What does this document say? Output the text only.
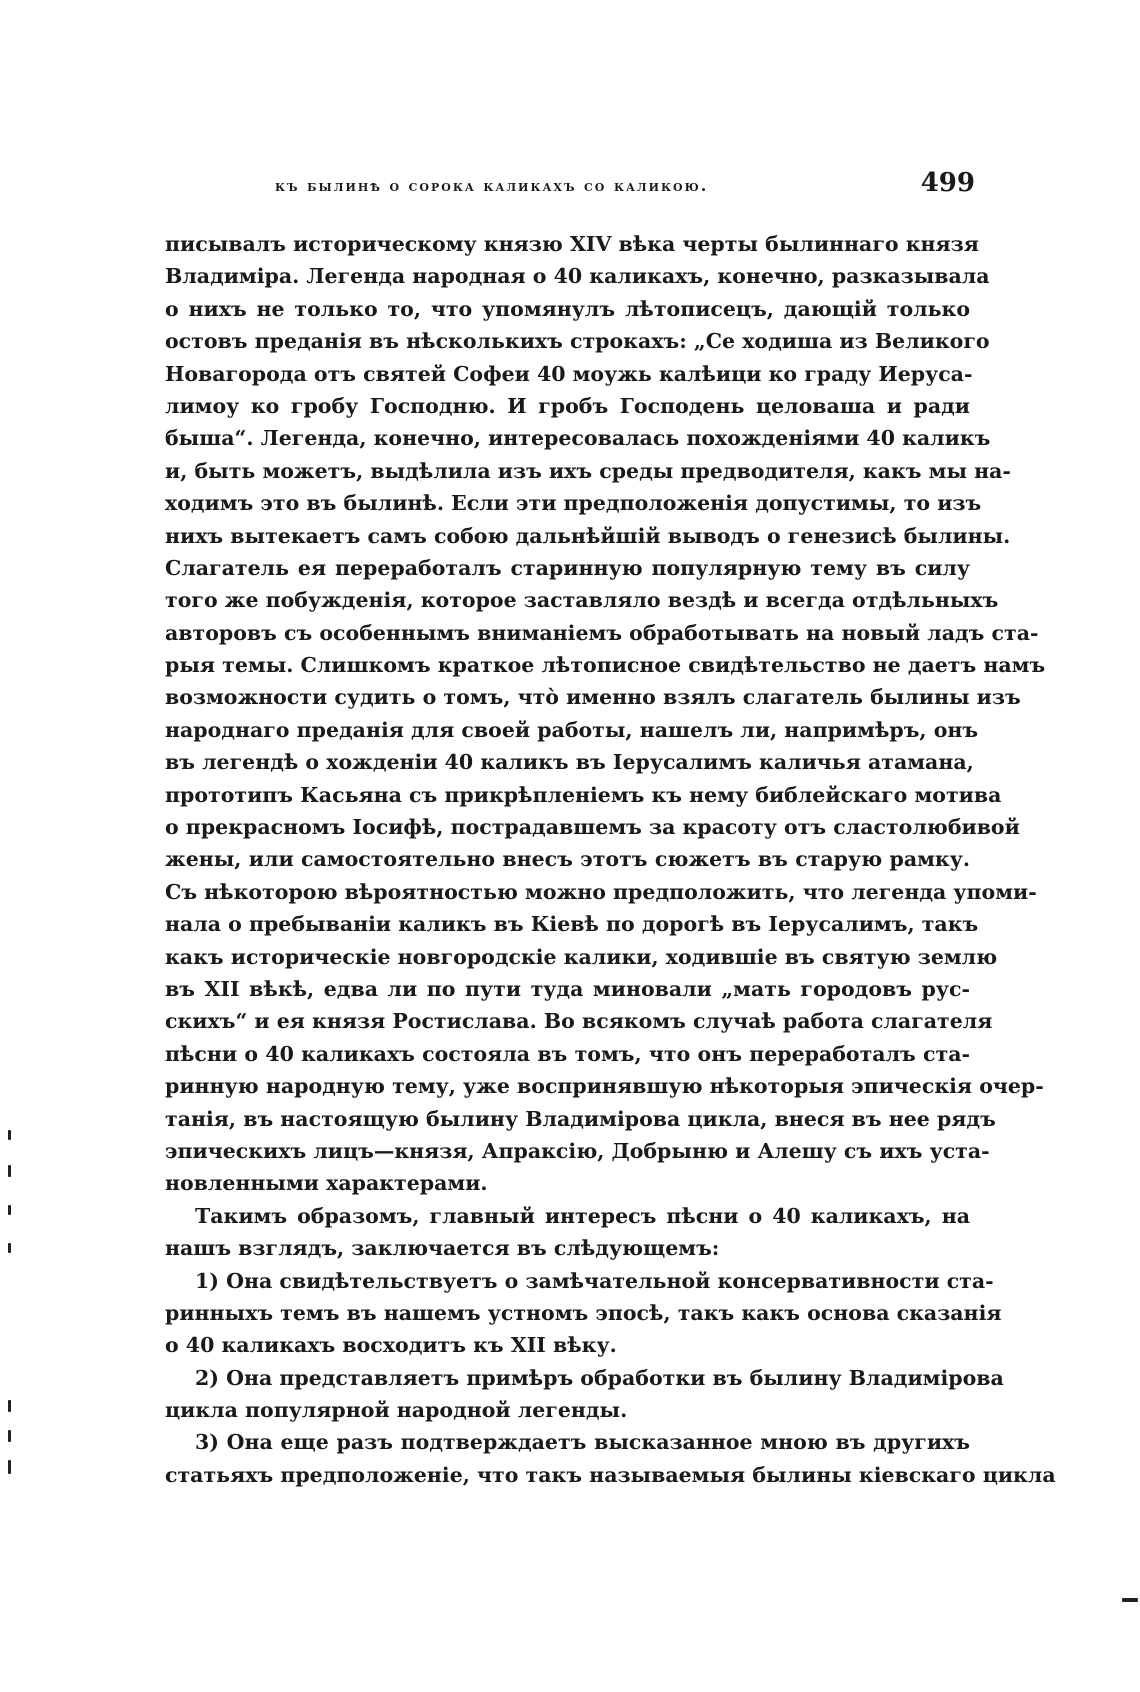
къ былинѣ о сорока каликахъ со каликою.	499
писывалъ историческому князю XIV вѣка черты былиннаго князя
Владиміра. Легенда народная о 40 каликахъ, конечно, разказывала
о нихъ не только то, что упомянулъ лѣтописецъ, дающій только
остовъ преданія въ нѣсколькихъ строкахъ: „Се ходиша из Великого
Новагорода отъ святей Софеи 40 моужь калѣици ко граду Иеруса-
лимоу ко гробу Господню. И гробъ Господень целоваша и ради
быша“. Легенда, конечно, интересовалась похожденіями 40 каликъ
и, быть можетъ, выдѣлила изъ ихъ среды предводителя, какъ мы на-
ходимъ это въ былинѣ. Если эти предположенія допустимы, то изъ
нихъ вытекаетъ самъ собою дальнѣйшій выводъ о генезисѣ былины.
Слагатель ея переработалъ старинную популярную тему въ силу
того же побужденія, которое заставляло вездѣ и всегда отдѣльныхъ
авторовъ съ особеннымъ вниманіемъ обработывать на новый ладъ ста-
рыя темы. Слишкомъ краткое лѣтописное свидѣтельство не даетъ намъ
возможности судить о томъ, что̀ именно взялъ слагатель былины изъ
народнаго преданія для своей работы, нашелъ ли, напримѣръ, онъ
въ легендѣ о хожденіи 40 каликъ въ Іерусалимъ каличья атамана,
прототипъ Касьяна съ прикрѣпленіемъ къ нему библейскаго мотива
о прекрасномъ Іосифѣ, пострадавшемъ за красоту отъ сластолюбивой
жены, или самостоятельно внесъ этотъ сюжетъ въ старую рамку.
Съ нѣкоторою вѣроятностью можно предположить, что легенда упоми-
нала о пребываніи каликъ въ Кіевѣ по дорогѣ въ Іерусалимъ, такъ
какъ историческіе новгородскіе калики, ходившіе въ святую землю
въ XII вѣкѣ, едва ли по пути туда миновали „мать городовъ рус-
скихъ“ и ея князя Ростислава. Во всякомъ случаѣ работа слагателя
пѣсни о 40 каликахъ состояла въ томъ, что онъ переработалъ ста-
ринную народную тему, уже воспринявшую нѣкоторыя эпическія очер-
танія, въ настоящую былину Владимірова цикла, внеся въ нее рядъ
эпическихъ лицъ—князя, Апраксію, Добрыню и Алешу съ ихъ уста-
новленными характерами.
Такимъ образомъ, главный интересъ пѣсни о 40 каликахъ, на
нашъ взглядъ, заключается въ слѣдующемъ:
1) Она свидѣтельствуетъ о замѣчательной консервативности ста-
ринныхъ темъ въ нашемъ устномъ эпосѣ, такъ какъ основа сказанія
о 40 каликахъ восходитъ къ XII вѣку.
2) Она представляетъ примѣръ обработки въ былину Владимірова
цикла популярной народной легенды.
3) Она еще разъ подтверждаетъ высказанное мною въ другихъ
статьяхъ предположеніе, что такъ называемыя былины кіевскаго цикла
